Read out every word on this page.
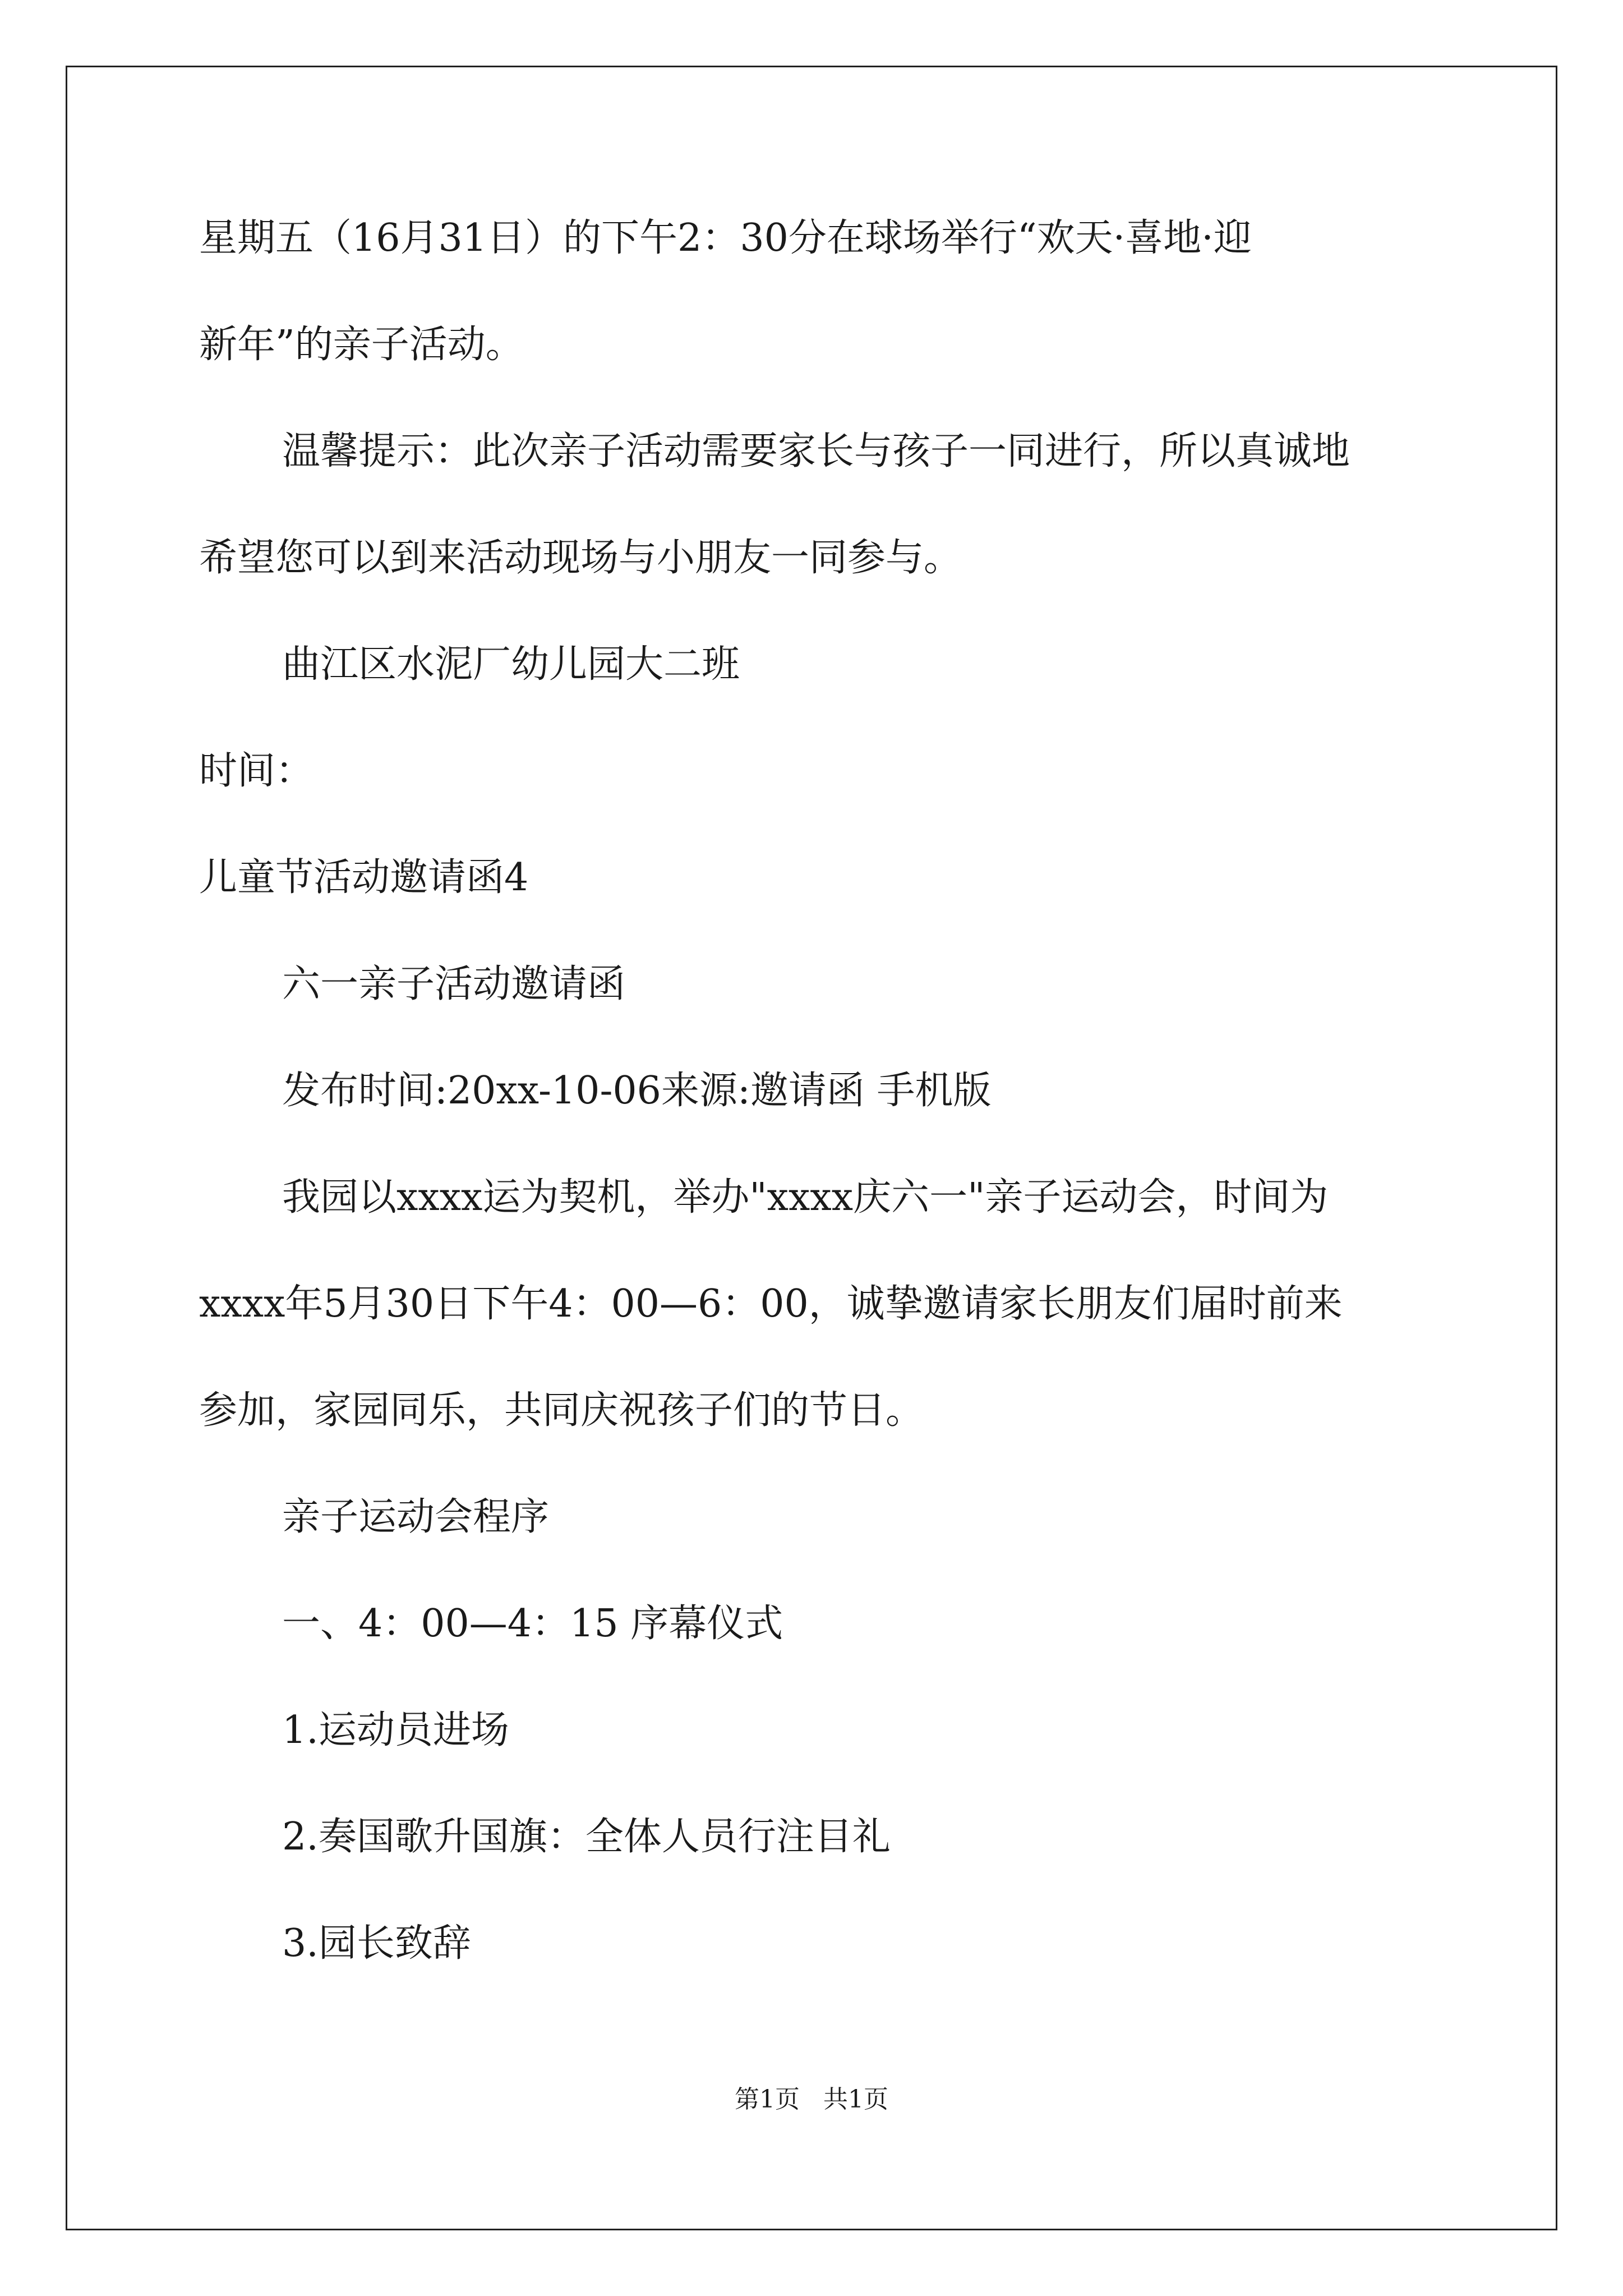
星期五（16月31日）的下午2：30分在球场举行“欢天·喜地·迎

新年”的亲子活动。

温馨提示：此次亲子活动需要家长与孩子一同进行，所以真诚地

希望您可以到来活动现场与小朋友一同参与。

曲江区水泥厂幼儿园大二班

时间：

儿童节活动邀请函4

六一亲子活动邀请函

发布时间:20xx-10-06来源:邀请函 手机版

我园以xxxx运为契机，举办"xxxx庆六一"亲子运动会，时间为

xxxx年5月30日下午4：00—6：00，诚挚邀请家长朋友们届时前来

参加，家园同乐，共同庆祝孩子们的节日。

亲子运动会程序

一、4：00—4：15 序幕仪式

1.运动员进场

2.奏国歌升国旗：全体人员行注目礼

3.园长致辞

第1页   共1页
